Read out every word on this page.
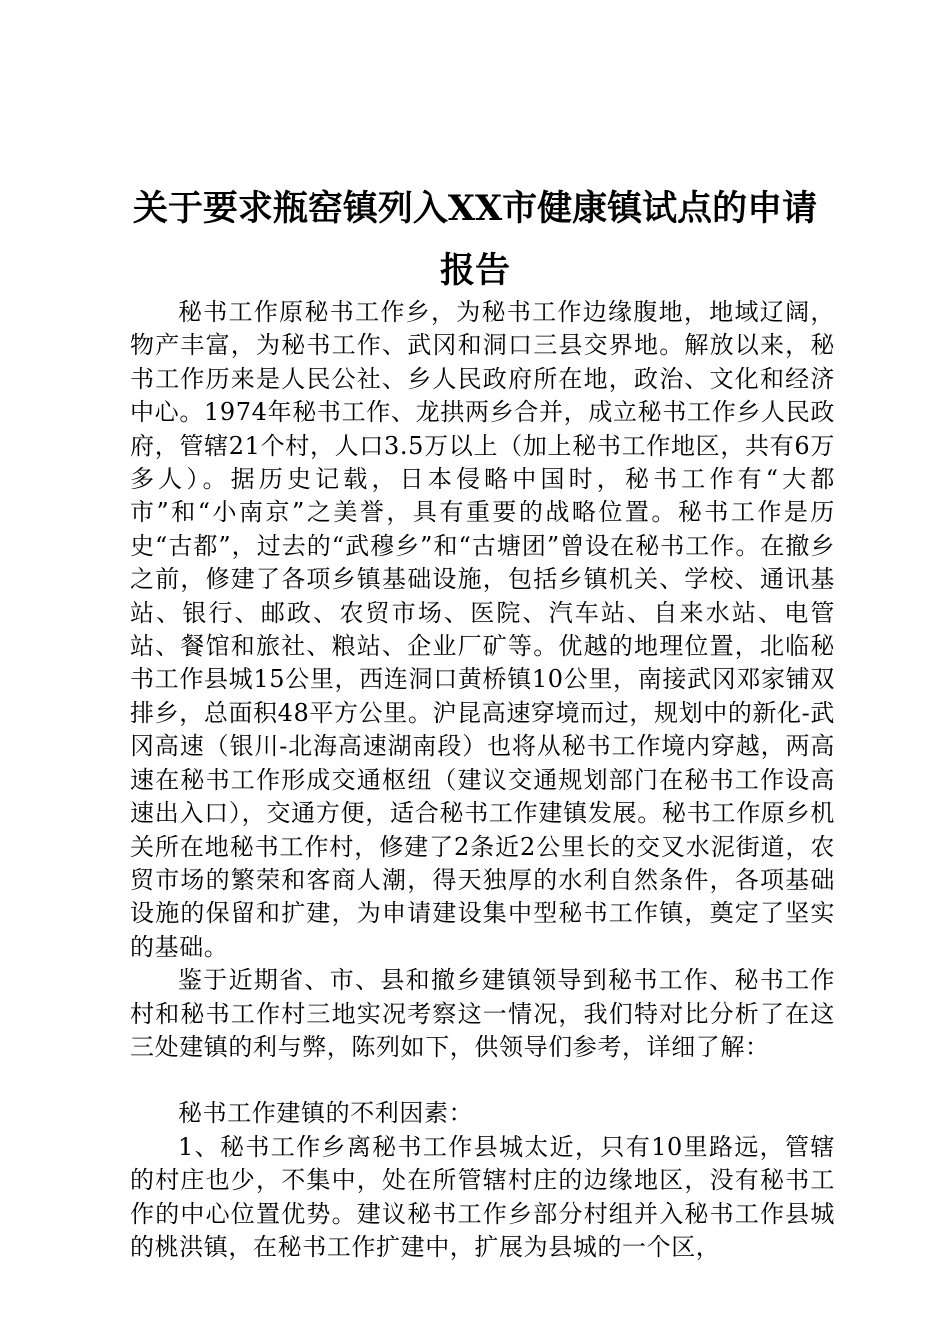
关于要求瓶窑镇列入XX市健康镇试点的申请报告

秘书工作原秘书工作乡，为秘书工作边缘腹地，地域辽阔，物产丰富，为秘书工作、武冈和洞口三县交界地。解放以来，秘书工作历来是人民公社、乡人民政府所在地，政治、文化和经济中心。1974年秘书工作、龙拱两乡合并，成立秘书工作乡人民政府，管辖21个村，人口3.5万以上（加上秘书工作地区，共有6万多人）。据历史记载，日本侵略中国时，秘书工作有“大都市”和“小南京”之美誉，具有重要的战略位置。秘书工作是历史“古都”，过去的“武穆乡”和“古塘团”曾设在秘书工作。在撤乡之前，修建了各项乡镇基础设施，包括乡镇机关、学校、通讯基站、银行、邮政、农贸市场、医院、汽车站、自来水站、电管站、餐馆和旅社、粮站、企业厂矿等。优越的地理位置，北临秘书工作县城15公里，西连洞口黄桥镇10公里，南接武冈邓家铺双排乡，总面积48平方公里。沪昆高速穿境而过，规划中的新化-武冈高速（银川-北海高速湖南段）也将从秘书工作境内穿越，两高速在秘书工作形成交通枢纽（建议交通规划部门在秘书工作设高速出入口），交通方便，适合秘书工作建镇发展。秘书工作原乡机关所在地秘书工作村，修建了2条近2公里长的交叉水泥街道，农贸市场的繁荣和客商人潮，得天独厚的水利自然条件，各项基础设施的保留和扩建，为申请建设集中型秘书工作镇，奠定了坚实的基础。

鉴于近期省、市、县和撤乡建镇领导到秘书工作、秘书工作村和秘书工作村三地实况考察这一情况，我们特对比分析了在这三处建镇的利与弊，陈列如下，供领导们参考，详细了解：

秘书工作建镇的不利因素：

1、秘书工作乡离秘书工作县城太近，只有10里路远，管辖的村庄也少，不集中，处在所管辖村庄的边缘地区，没有秘书工作的中心位置优势。建议秘书工作乡部分村组并入秘书工作县城的桃洪镇，在秘书工作扩建中，扩展为县城的一个区，
